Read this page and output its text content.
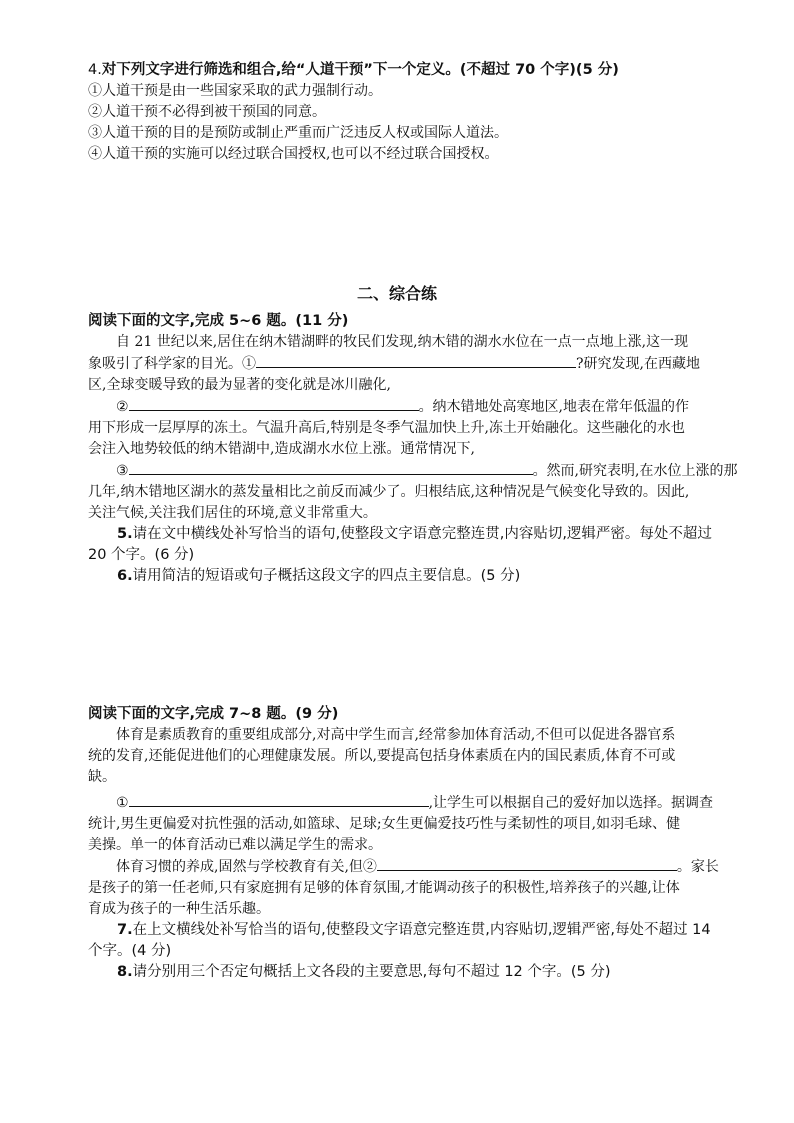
4.对下列文字进行筛选和组合,给“人道干预”下一个定义。(不超过 70 个字)(5 分)
①人道干预是由一些国家采取的武力强制行动。
②人道干预不必得到被干预国的同意。
③人道干预的目的是预防或制止严重而广泛违反人权或国际人道法。
④人道干预的实施可以经过联合国授权,也可以不经过联合国授权。
二、综合练
阅读下面的文字,完成 5~6 题。(11 分)
自 21 世纪以来,居住在纳木错湖畔的牧民们发现,纳木错的湖水水位在一点一点地上涨,这一现
象吸引了科学家的目光。①	?研究发现,在西藏地
区,全球变暖导致的最为显著的变化就是冰川融化,
②	。纳木错地处高寒地区,地表在常年低温的作
用下形成一层厚厚的冻土。气温升高后,特别是冬季气温加快上升,冻土开始融化。这些融化的水也
会注入地势较低的纳木错湖中,造成湖水水位上涨。通常情况下,
③	。然而,研究表明,在水位上涨的那
几年,纳木错地区湖水的蒸发量相比之前反而减少了。归根结底,这种情况是气候变化导致的。因此,
关注气候,关注我们居住的环境,意义非常重大。
5.请在文中横线处补写恰当的语句,使整段文字语意完整连贯,内容贴切,逻辑严密。每处不超过
20 个字。(6 分)
6.请用简洁的短语或句子概括这段文字的四点主要信息。(5 分)
阅读下面的文字,完成 7~8 题。(9 分)
体育是素质教育的重要组成部分,对高中学生而言,经常参加体育活动,不但可以促进各器官系
统的发育,还能促进他们的心理健康发展。所以,要提高包括身体素质在内的国民素质,体育不可或
缺。
①	,让学生可以根据自己的爱好加以选择。据调查
统计,男生更偏爱对抗性强的活动,如篮球、足球;女生更偏爱技巧性与柔韧性的项目,如羽毛球、健
美操。单一的体育活动已难以满足学生的需求。
体育习惯的养成,固然与学校教育有关,但②	。家长
是孩子的第一任老师,只有家庭拥有足够的体育氛围,才能调动孩子的积极性,培养孩子的兴趣,让体
育成为孩子的一种生活乐趣。
7.在上文横线处补写恰当的语句,使整段文字语意完整连贯,内容贴切,逻辑严密,每处不超过 14
个字。(4 分)
8.请分别用三个否定句概括上文各段的主要意思,每句不超过 12 个字。(5 分)
